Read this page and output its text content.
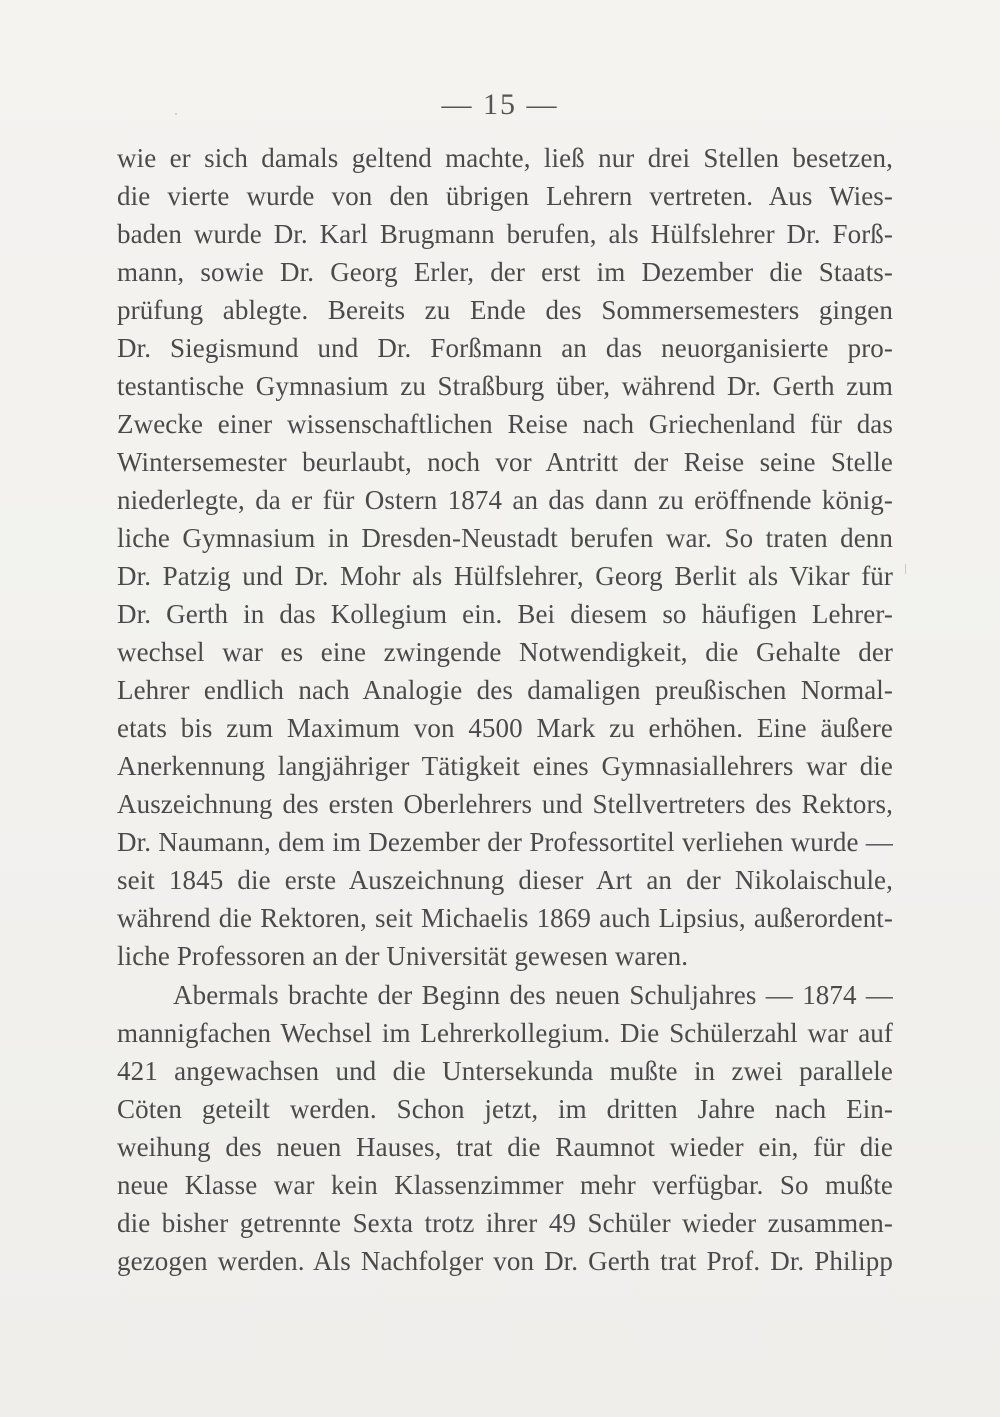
— 15 —
wie er sich damals geltend machte, ließ nur drei Stellen besetzen,
die vierte wurde von den übrigen Lehrern vertreten. Aus Wies-
baden wurde Dr. Karl Brugmann berufen, als Hülfslehrer Dr. Forß-
mann, sowie Dr. Georg Erler, der erst im Dezember die Staats-
prüfung ablegte. Bereits zu Ende des Sommersemesters gingen
Dr. Siegismund und Dr. Forßmann an das neuorganisierte pro-
testantische Gymnasium zu Straßburg über, während Dr. Gerth zum
Zwecke einer wissenschaftlichen Reise nach Griechenland für das
Wintersemester beurlaubt, noch vor Antritt der Reise seine Stelle
niederlegte, da er für Ostern 1874 an das dann zu eröffnende könig-
liche Gymnasium in Dresden-Neustadt berufen war. So traten denn
Dr. Patzig und Dr. Mohr als Hülfslehrer, Georg Berlit als Vikar für
Dr. Gerth in das Kollegium ein. Bei diesem so häufigen Lehrer-
wechsel war es eine zwingende Notwendigkeit, die Gehalte der
Lehrer endlich nach Analogie des damaligen preußischen Normal-
etats bis zum Maximum von 4500 Mark zu erhöhen. Eine äußere
Anerkennung langjähriger Tätigkeit eines Gymnasiallehrers war die
Auszeichnung des ersten Oberlehrers und Stellvertreters des Rektors,
Dr. Naumann, dem im Dezember der Professortitel verliehen wurde —
seit 1845 die erste Auszeichnung dieser Art an der Nikolaischule,
während die Rektoren, seit Michaelis 1869 auch Lipsius, außerordent-
liche Professoren an der Universität gewesen waren.
Abermals brachte der Beginn des neuen Schuljahres — 1874 —
mannigfachen Wechsel im Lehrerkollegium. Die Schülerzahl war auf
421 angewachsen und die Untersekunda mußte in zwei parallele
Cöten geteilt werden. Schon jetzt, im dritten Jahre nach Ein-
weihung des neuen Hauses, trat die Raumnot wieder ein, für die
neue Klasse war kein Klassenzimmer mehr verfügbar. So mußte
die bisher getrennte Sexta trotz ihrer 49 Schüler wieder zusammen-
gezogen werden. Als Nachfolger von Dr. Gerth trat Prof. Dr. Philipp
/
